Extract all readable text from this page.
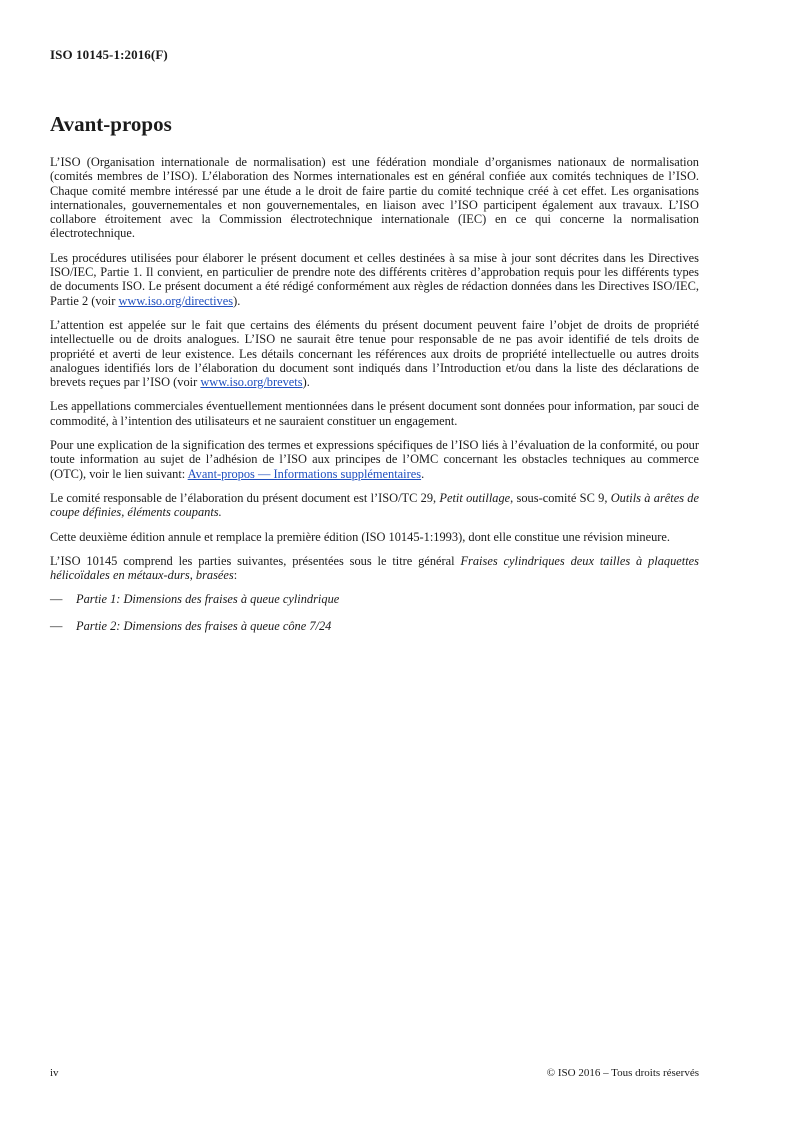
ISO 10145-1:2016(F)
Avant-propos

L’ISO (Organisation internationale de normalisation) est une fédération mondiale d’organismes nationaux de normalisation (comités membres de l’ISO). L’élaboration des Normes internationales est en général confiée aux comités techniques de l’ISO. Chaque comité membre intéressé par une étude a le droit de faire partie du comité technique créé à cet effet. Les organisations internationales, gouvernementales et non gouvernementales, en liaison avec l’ISO participent également aux travaux. L’ISO collabore étroitement avec la Commission électrotechnique internationale (IEC) en ce qui concerne la normalisation électrotechnique.

Les procédures utilisées pour élaborer le présent document et celles destinées à sa mise à jour sont décrites dans les Directives ISO/IEC, Partie 1. Il convient, en particulier de prendre note des différents critères d’approbation requis pour les différents types de documents ISO. Le présent document a été rédigé conformément aux règles de rédaction données dans les Directives ISO/IEC, Partie 2 (voir www.iso.org/directives).

L’attention est appelée sur le fait que certains des éléments du présent document peuvent faire l’objet de droits de propriété intellectuelle ou de droits analogues. L’ISO ne saurait être tenue pour responsable de ne pas avoir identifié de tels droits de propriété et averti de leur existence. Les détails concernant les références aux droits de propriété intellectuelle ou autres droits analogues identifiés lors de l’élaboration du document sont indiqués dans l’Introduction et/ou dans la liste des déclarations de brevets reçues par l’ISO (voir www.iso.org/brevets).

Les appellations commerciales éventuellement mentionnées dans le présent document sont données pour information, par souci de commodité, à l’intention des utilisateurs et ne sauraient constituer un engagement.

Pour une explication de la signification des termes et expressions spécifiques de l’ISO liés à l’évaluation de la conformité, ou pour toute information au sujet de l’adhésion de l’ISO aux principes de l’OMC concernant les obstacles techniques au commerce (OTC), voir le lien suivant: Avant-propos — Informations supplémentaires.

Le comité responsable de l’élaboration du présent document est l’ISO/TC 29, Petit outillage, sous-comité SC 9, Outils à arêtes de coupe définies, éléments coupants.

Cette deuxième édition annule et remplace la première édition (ISO 10145-1:1993), dont elle constitue une révision mineure.

L’ISO 10145 comprend les parties suivantes, présentées sous le titre général Fraises cylindriques deux tailles à plaquettes hélicoïdales en métaux-durs, brasées:

—	Partie 1: Dimensions des fraises à queue cylindrique
—	Partie 2: Dimensions des fraises à queue cône 7/24
iv	© ISO 2016 – Tous droits réservés
